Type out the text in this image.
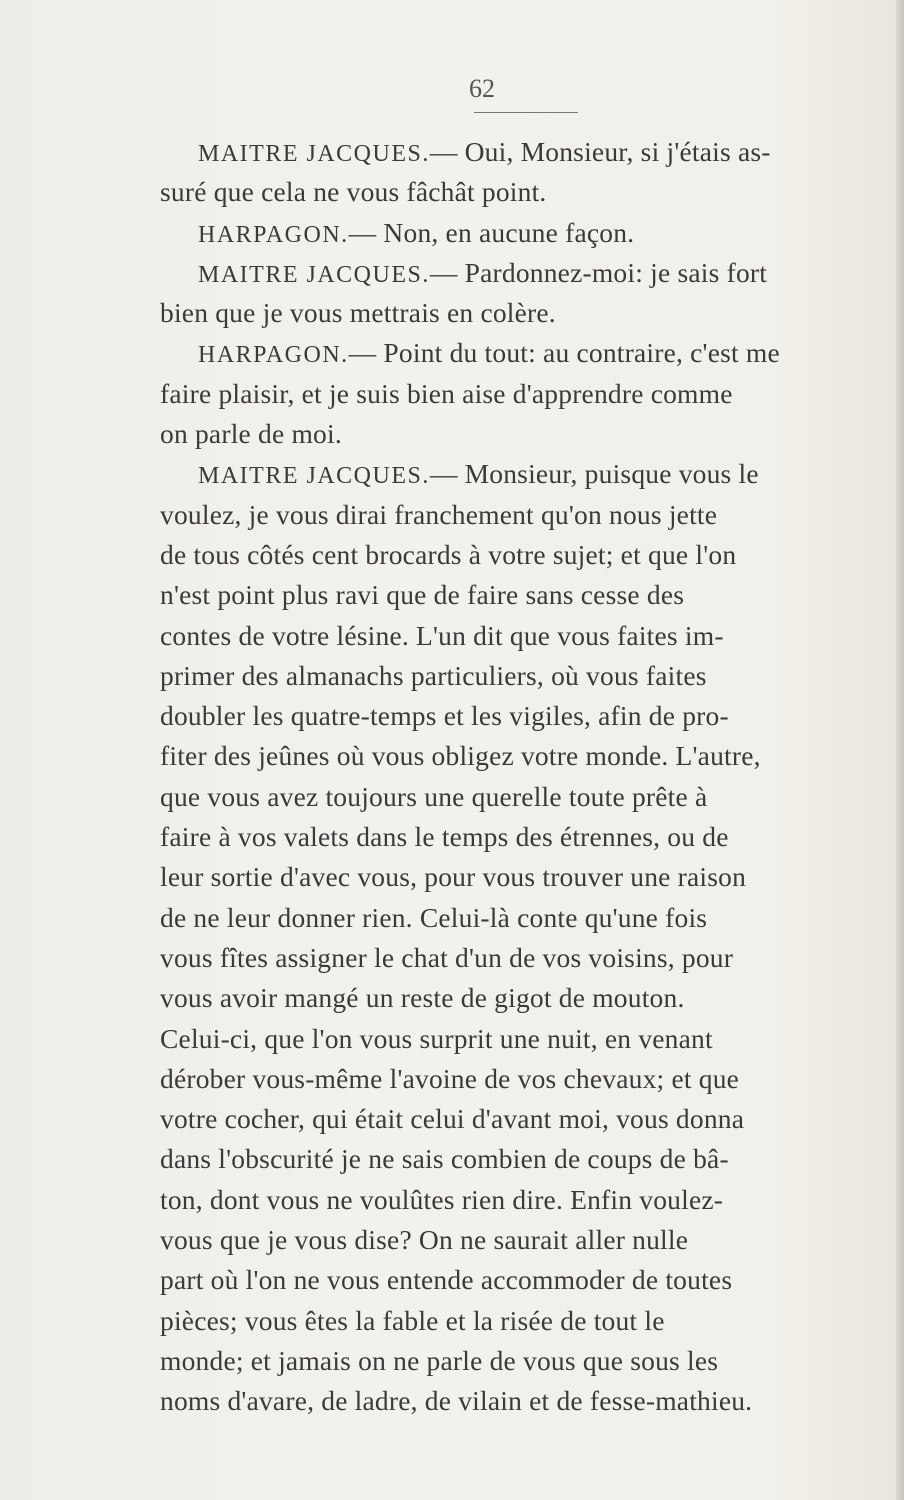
62
MAITRE JACQUES.— Oui, Monsieur, si j'étais as-
suré que cela ne vous fâchât point.
HARPAGON.— Non, en aucune façon.
MAITRE JACQUES.— Pardonnez-moi: je sais fort
bien que je vous mettrais en colère.
HARPAGON.— Point du tout: au contraire, c'est me
faire plaisir, et je suis bien aise d'apprendre comme
on parle de moi.
MAITRE JACQUES.— Monsieur, puisque vous le
voulez, je vous dirai franchement qu'on nous jette
de tous côtés cent brocards à votre sujet; et que l'on
n'est point plus ravi que de faire sans cesse des
contes de votre lésine. L'un dit que vous faites im-
primer des almanachs particuliers, où vous faites
doubler les quatre-temps et les vigiles, afin de pro-
fiter des jeûnes où vous obligez votre monde. L'autre,
que vous avez toujours une querelle toute prête à
faire à vos valets dans le temps des étrennes, ou de
leur sortie d'avec vous, pour vous trouver une raison
de ne leur donner rien. Celui-là conte qu'une fois
vous fîtes assigner le chat d'un de vos voisins, pour
vous avoir mangé un reste de gigot de mouton.
Celui-ci, que l'on vous surprit une nuit, en venant
dérober vous-même l'avoine de vos chevaux; et que
votre cocher, qui était celui d'avant moi, vous donna
dans l'obscurité je ne sais combien de coups de bâ-
ton, dont vous ne voulûtes rien dire. Enfin voulez-
vous que je vous dise? On ne saurait aller nulle
part où l'on ne vous entende accommoder de toutes
pièces; vous êtes la fable et la risée de tout le
monde; et jamais on ne parle de vous que sous les
noms d'avare, de ladre, de vilain et de fesse-mathieu.
